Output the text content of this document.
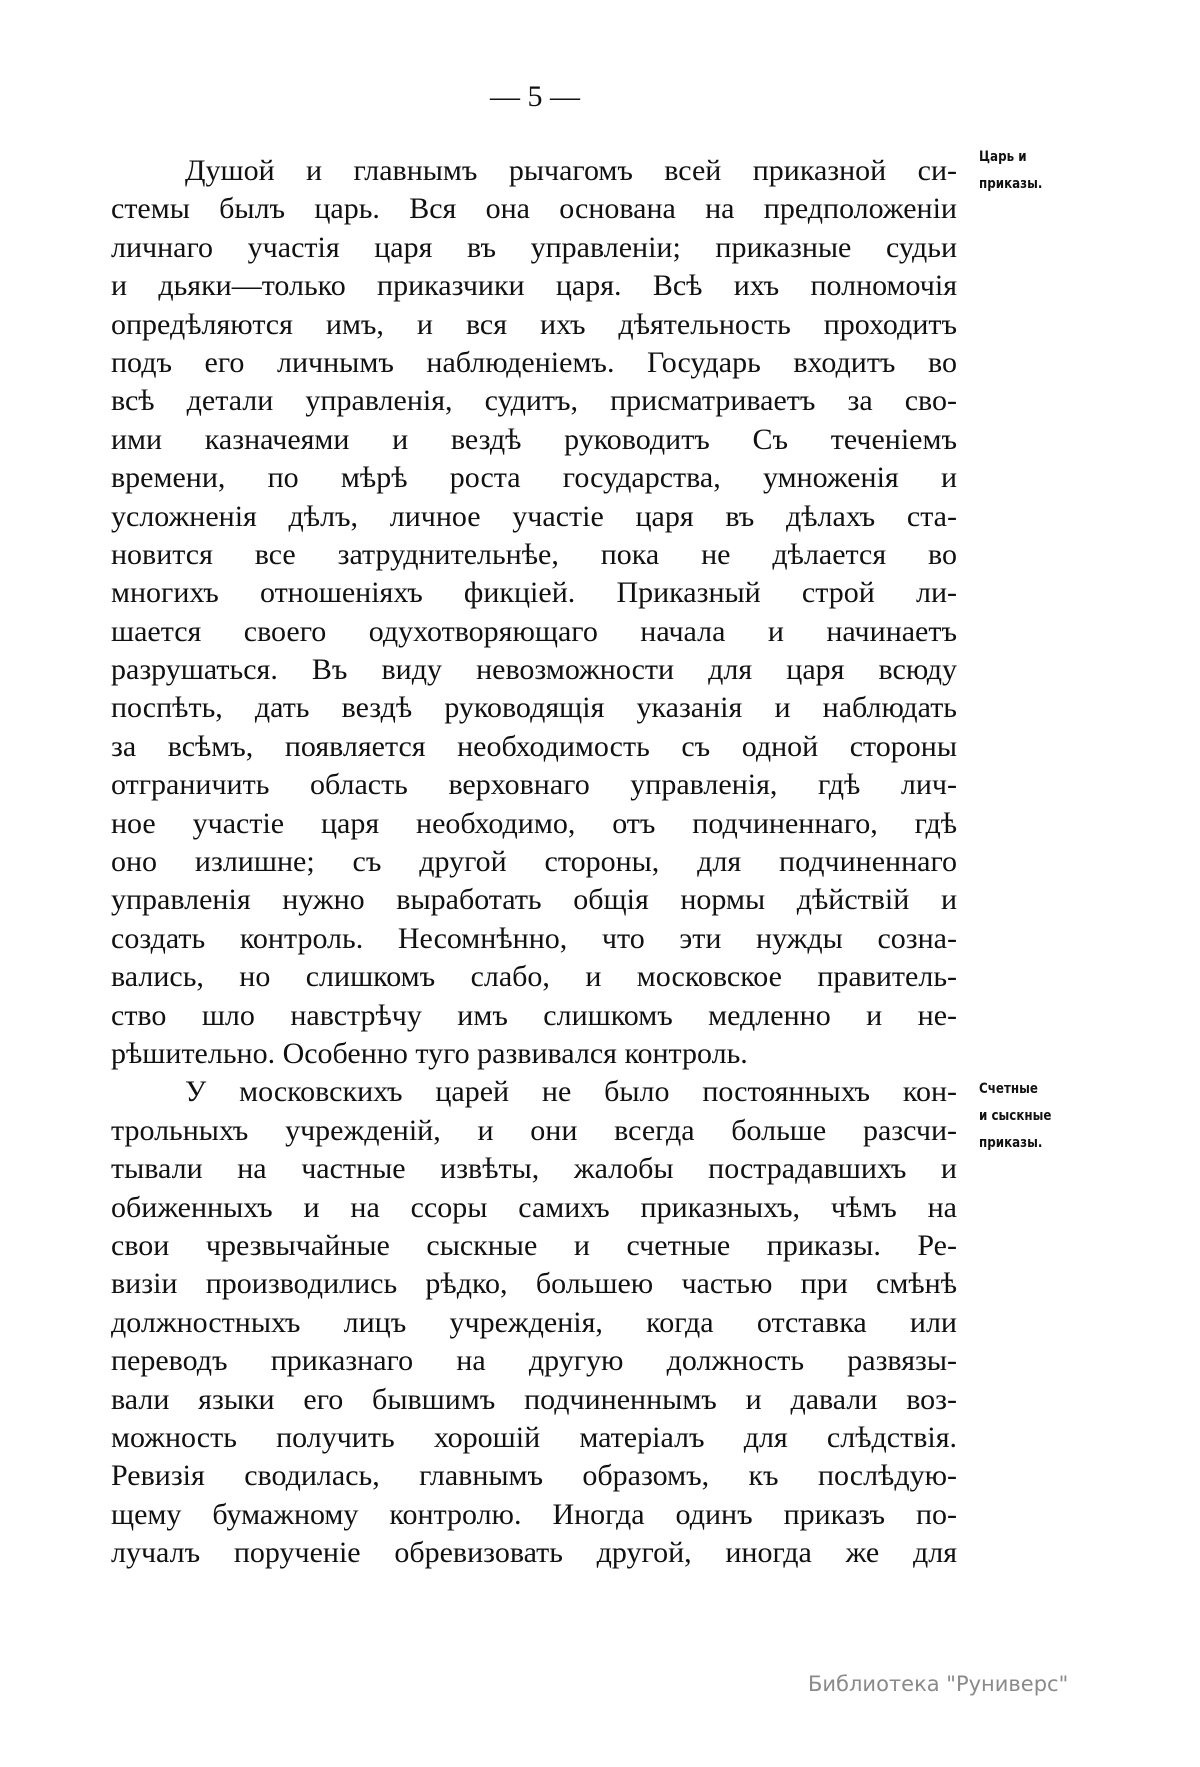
— 5 —
Душой и главнымъ рычагомъ всей приказной си-
стемы былъ царь. Вся она основана на предположенiи
личнаго участiя царя въ управленiи; приказные судьи
и дьяки—только приказчики царя. Всѣ ихъ полномочiя
опредѣляются имъ, и вся ихъ дѣятельность проходитъ
подъ его личнымъ наблюденiемъ. Государь входитъ во
всѣ детали управленiя, судитъ, присматриваетъ за сво-
ими казначеями и вездѣ руководитъ Съ теченiемъ
времени, по мѣрѣ роста государства, умноженiя и
усложненiя дѣлъ, личное участiе царя въ дѣлахъ ста-
новится все затруднительнѣе, пока не дѣлается во
многихъ отношенiяхъ фикцiей. Приказный строй ли-
шается своего одухотворяющаго начала и начинаетъ
разрушаться. Въ виду невозможности для царя всюду
поспѣть, дать вездѣ руководящiя указанiя и наблюдать
за всѣмъ, появляется необходимость съ одной стороны
отграничить область верховнаго управленiя, гдѣ лич-
ное участiе царя необходимо, отъ подчиненнаго, гдѣ
оно излишне; съ другой стороны, для подчиненнаго
управленiя нужно выработать общiя нормы дѣйствiй и
создать контроль. Несомнѣнно, что эти нужды созна-
вались, но слишкомъ слабо, и московское правитель-
ство шло навстрѣчу имъ слишкомъ медленно и не-
рѣшительно. Особенно туго развивался контроль.
У московскихъ царей не было постоянныхъ кон-
трольныхъ учрежденiй, и они всегда больше разсчи-
тывали на частные извѣты, жалобы пострадавшихъ и
обиженныхъ и на ссоры самихъ приказныхъ, чѣмъ на
свои чрезвычайные сыскные и счетные приказы. Ре-
визiи производились рѣдко, большею частью при смѣнѣ
должностныхъ лицъ учрежденiя, когда отставка или
переводъ приказнаго на другую должность развязы-
вали языки его бывшимъ подчиненнымъ и давали воз-
можность получить хорошiй матерiалъ для слѣдствiя.
Ревизiя сводилась, главнымъ образомъ, къ послѣдую-
щему бумажному контролю. Иногда одинъ приказъ по-
лучалъ порученiе обревизовать другой, иногда же для
Царь и
приказы.
Счетные
и сыскные
приказы.
Библиотека "Руниверс"
